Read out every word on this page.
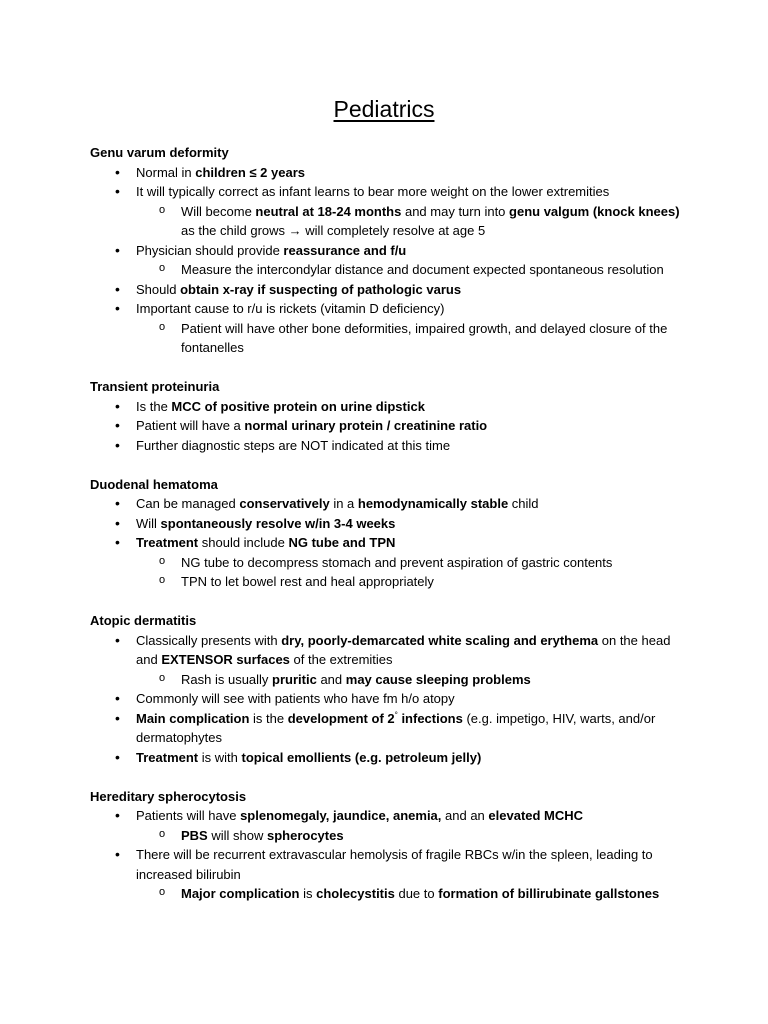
Pediatrics
Genu varum deformity
• Normal in children ≤ 2 years
• It will typically correct as infant learns to bear more weight on the lower extremities
o Will become neutral at 18-24 months and may turn into genu valgum (knock knees) as the child grows → will completely resolve at age 5
• Physician should provide reassurance and f/u
o Measure the intercondylar distance and document expected spontaneous resolution
• Should obtain x-ray if suspecting of pathologic varus
• Important cause to r/u is rickets (vitamin D deficiency)
o Patient will have other bone deformities, impaired growth, and delayed closure of the fontanelles
Transient proteinuria
• Is the MCC of positive protein on urine dipstick
• Patient will have a normal urinary protein / creatinine ratio
• Further diagnostic steps are NOT indicated at this time
Duodenal hematoma
• Can be managed conservatively in a hemodynamically stable child
• Will spontaneously resolve w/in 3-4 weeks
• Treatment should include NG tube and TPN
o NG tube to decompress stomach and prevent aspiration of gastric contents
o TPN to let bowel rest and heal appropriately
Atopic dermatitis
• Classically presents with dry, poorly-demarcated white scaling and erythema on the head and EXTENSOR surfaces of the extremities
o Rash is usually pruritic and may cause sleeping problems
• Commonly will see with patients who have fm h/o atopy
• Main complication is the development of 2° infections (e.g. impetigo, HIV, warts, and/or dermatophytes
• Treatment is with topical emollients (e.g. petroleum jelly)
Hereditary spherocytosis
• Patients will have splenomegaly, jaundice, anemia, and an elevated MCHC
o PBS will show spherocytes
• There will be recurrent extravascular hemolysis of fragile RBCs w/in the spleen, leading to increased bilirubin
o Major complication is cholecystitis due to formation of billirubinate gallstones
